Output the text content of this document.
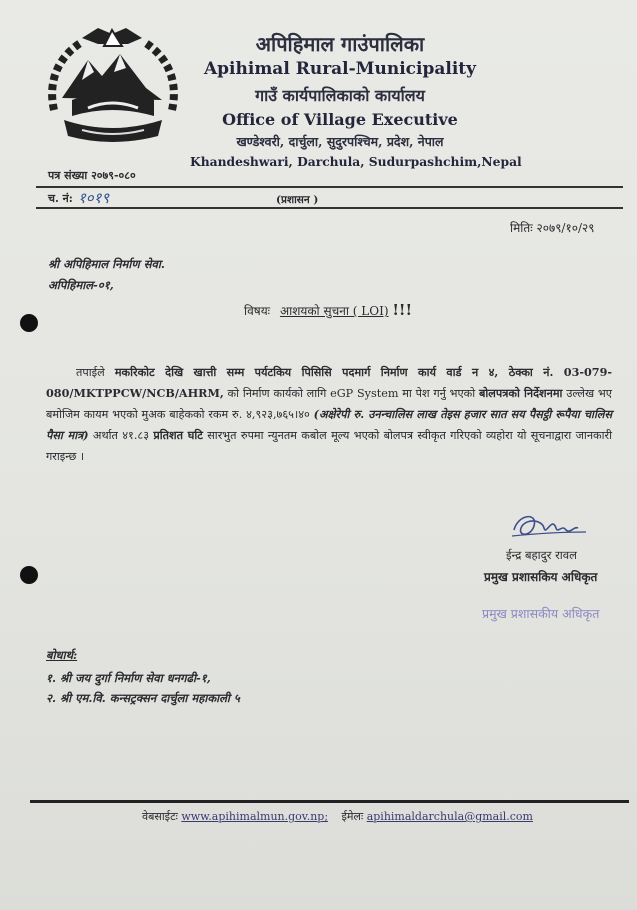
अपिहिमाल गाउंपालिका
Apihimal Rural-Municipality
गाउँ कार्यपालिकाको कार्यालय
Office of Village Executive
खण्डेश्वरी, दार्चुला, सुदुरपश्चिम, प्रदेश, नेपाल
Khandeshwari, Darchula, Sudurpashchim,Nepal
पत्र संख्या २०७९-०८०
च. नं: १०१९	(प्रशासन )
मितिः २०७९/१०/२९
श्री अपिहिमाल निर्माण सेवा.
अपिहिमाल-०१,
विषयः आशयको सुचना ( LOI) !!!
तपाईले मकरिकोट देखि खात्ती सम्म पर्यटकिय पिसिसि पदमार्ग निर्माण कार्य वार्ड न ४, ठेक्का नं. 03-079-080/MKTPPCW/NCB/AHRM, को निर्माण कार्यको लागि eGP System मा पेश गर्नु भएको बोलपत्रको निर्देशनमा उल्लेख भए बमोजिम कायम भएको मुअक बाहेकको रकम रु. ४,९२३,७६५।४० (अक्षेरेपी रु. उनन्चालिस लाख तेइस हजार सात सय पैसट्ठी रूपैया चालिस पैसा मात्र) अर्थात ४१.८३ प्रतिशत घटि सारभुत रुपमा न्युनतम कबोल मूल्य भएको बोलपत्र स्वीकृत गरिएको व्यहोरा यो सूचनाद्वारा जानकारी गराइन्छ ।
ईन्द्र बहादुर रावल
प्रमुख प्रशासकिय अधिकृत
प्रमुख प्रशासकीय अधिकृत
बोधार्थ:
१. श्री जय दुर्गा निर्माण सेवा धनगढी-१,
२. श्री एम.वि. कन्सट्रक्सन दार्चुला महाकाली ५
वेबसाईटः www.apihimalmun.gov.np; ईमेलः apihimaldarchula@gmail.com
